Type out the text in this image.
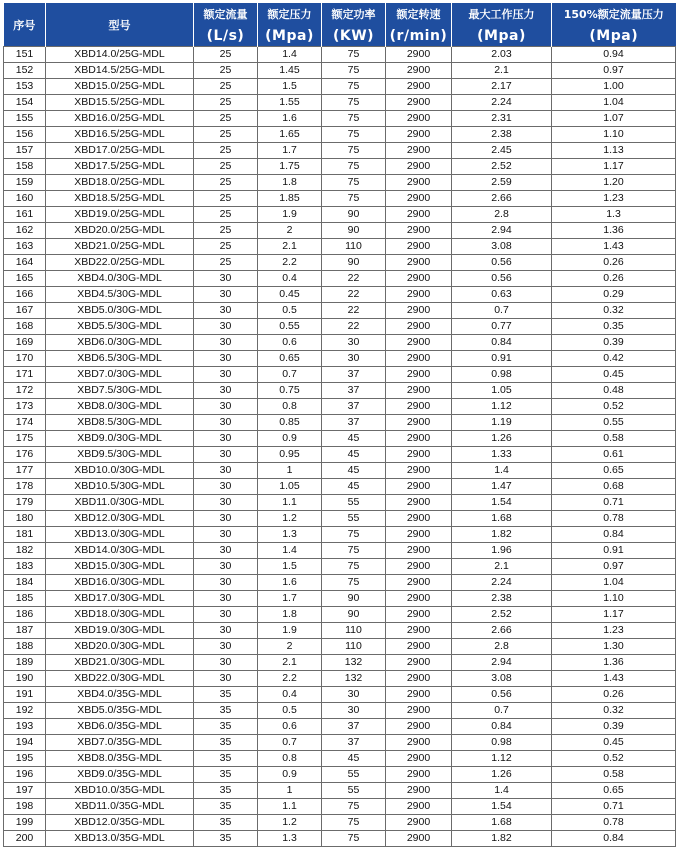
序号	型号	额定流量	额定压力	额定功率	额定转速	最大工作压力	150%额定流量压力
		(L/s)	(Mpa)	(KW)	(r/min)	(Mpa)	(Mpa)
151	XBD14.0/25G-MDL	25	1.4	75	2900	2.03	0.94
152	XBD14.5/25G-MDL	25	1.45	75	2900	2.1	0.97
153	XBD15.0/25G-MDL	25	1.5	75	2900	2.17	1.00
154	XBD15.5/25G-MDL	25	1.55	75	2900	2.24	1.04
155	XBD16.0/25G-MDL	25	1.6	75	2900	2.31	1.07
156	XBD16.5/25G-MDL	25	1.65	75	2900	2.38	1.10
157	XBD17.0/25G-MDL	25	1.7	75	2900	2.45	1.13
158	XBD17.5/25G-MDL	25	1.75	75	2900	2.52	1.17
159	XBD18.0/25G-MDL	25	1.8	75	2900	2.59	1.20
160	XBD18.5/25G-MDL	25	1.85	75	2900	2.66	1.23
161	XBD19.0/25G-MDL	25	1.9	90	2900	2.8	1.3
162	XBD20.0/25G-MDL	25	2	90	2900	2.94	1.36
163	XBD21.0/25G-MDL	25	2.1	110	2900	3.08	1.43
164	XBD22.0/25G-MDL	25	2.2	90	2900	0.56	0.26
165	XBD4.0/30G-MDL	30	0.4	22	2900	0.56	0.26
166	XBD4.5/30G-MDL	30	0.45	22	2900	0.63	0.29
167	XBD5.0/30G-MDL	30	0.5	22	2900	0.7	0.32
168	XBD5.5/30G-MDL	30	0.55	22	2900	0.77	0.35
169	XBD6.0/30G-MDL	30	0.6	30	2900	0.84	0.39
170	XBD6.5/30G-MDL	30	0.65	30	2900	0.91	0.42
171	XBD7.0/30G-MDL	30	0.7	37	2900	0.98	0.45
172	XBD7.5/30G-MDL	30	0.75	37	2900	1.05	0.48
173	XBD8.0/30G-MDL	30	0.8	37	2900	1.12	0.52
174	XBD8.5/30G-MDL	30	0.85	37	2900	1.19	0.55
175	XBD9.0/30G-MDL	30	0.9	45	2900	1.26	0.58
176	XBD9.5/30G-MDL	30	0.95	45	2900	1.33	0.61
177	XBD10.0/30G-MDL	30	1	45	2900	1.4	0.65
178	XBD10.5/30G-MDL	30	1.05	45	2900	1.47	0.68
179	XBD11.0/30G-MDL	30	1.1	55	2900	1.54	0.71
180	XBD12.0/30G-MDL	30	1.2	55	2900	1.68	0.78
181	XBD13.0/30G-MDL	30	1.3	75	2900	1.82	0.84
182	XBD14.0/30G-MDL	30	1.4	75	2900	1.96	0.91
183	XBD15.0/30G-MDL	30	1.5	75	2900	2.1	0.97
184	XBD16.0/30G-MDL	30	1.6	75	2900	2.24	1.04
185	XBD17.0/30G-MDL	30	1.7	90	2900	2.38	1.10
186	XBD18.0/30G-MDL	30	1.8	90	2900	2.52	1.17
187	XBD19.0/30G-MDL	30	1.9	110	2900	2.66	1.23
188	XBD20.0/30G-MDL	30	2	110	2900	2.8	1.30
189	XBD21.0/30G-MDL	30	2.1	132	2900	2.94	1.36
190	XBD22.0/30G-MDL	30	2.2	132	2900	3.08	1.43
191	XBD4.0/35G-MDL	35	0.4	30	2900	0.56	0.26
192	XBD5.0/35G-MDL	35	0.5	30	2900	0.7	0.32
193	XBD6.0/35G-MDL	35	0.6	37	2900	0.84	0.39
194	XBD7.0/35G-MDL	35	0.7	37	2900	0.98	0.45
195	XBD8.0/35G-MDL	35	0.8	45	2900	1.12	0.52
196	XBD9.0/35G-MDL	35	0.9	55	2900	1.26	0.58
197	XBD10.0/35G-MDL	35	1	55	2900	1.4	0.65
198	XBD11.0/35G-MDL	35	1.1	75	2900	1.54	0.71
199	XBD12.0/35G-MDL	35	1.2	75	2900	1.68	0.78
200	XBD13.0/35G-MDL	35	1.3	75	2900	1.82	0.84
